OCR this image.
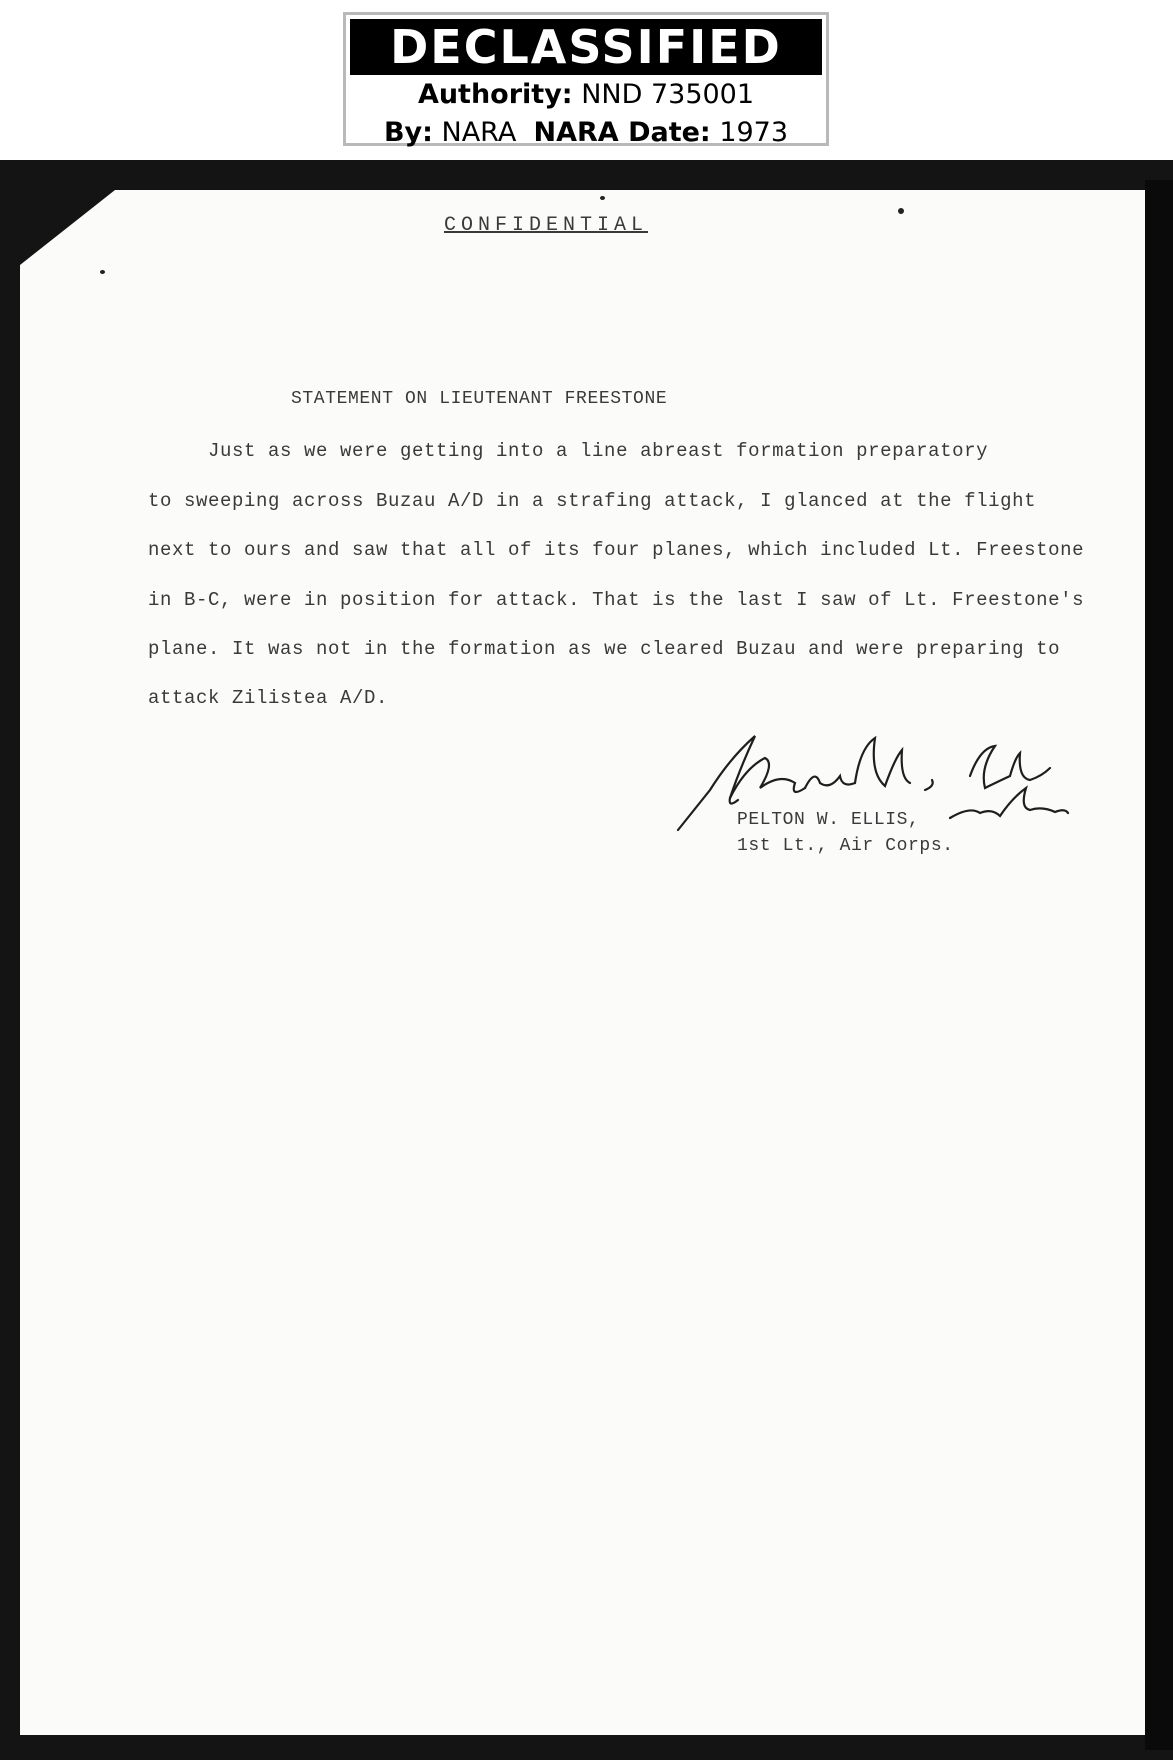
DECLASSIFIED
Authority: NND 735001
By: NARA NARA Date: 1973
CONFIDENTIAL
STATEMENT ON LIEUTENANT FREESTONE
Just as we were getting into a line abreast formation preparatory
to sweeping across Buzau A/D in a strafing attack, I glanced at the flight
next to ours and saw that all of its four planes, which included Lt. Freestone
in B-C, were in position for attack. That is the last I saw of Lt. Freestone's
plane. It was not in the formation as we cleared Buzau and were preparing to
attack Zilistea A/D.
PELTON W. ELLIS,
1st Lt., Air Corps.
